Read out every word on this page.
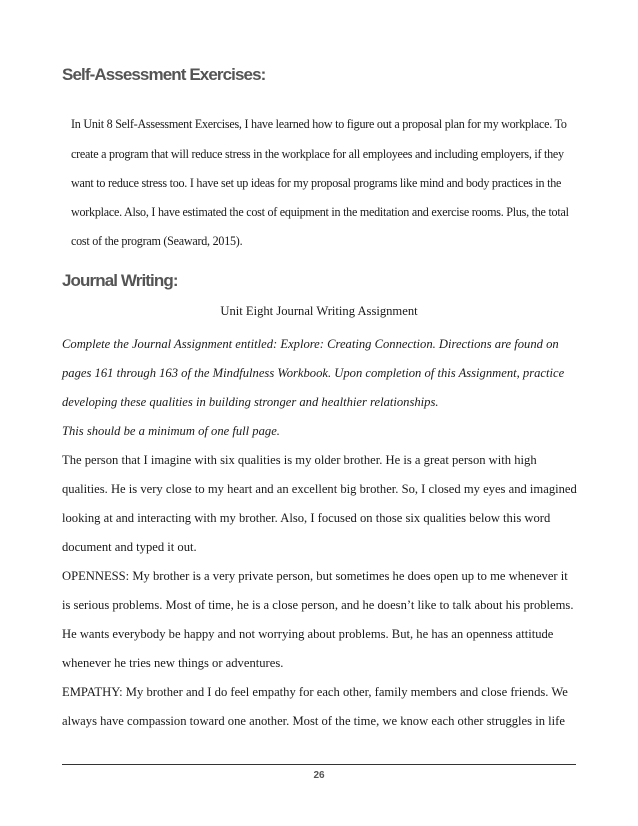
Self-Assessment Exercises:

In Unit 8 Self-Assessment Exercises, I have learned how to figure out a proposal plan for my workplace. To

create a program that will reduce stress in the workplace for all employees and including employers, if they

want to reduce stress too. I have set up ideas for my proposal programs like mind and body practices in the

workplace. Also, I have estimated the cost of equipment in the meditation and exercise rooms. Plus, the total

cost of the program (Seaward, 2015).

Journal Writing:

Unit Eight Journal Writing Assignment

Complete the Journal Assignment entitled: Explore: Creating Connection. Directions are found on

pages 161 through 163 of the Mindfulness Workbook. Upon completion of this Assignment, practice

developing these qualities in building stronger and healthier relationships.

This should be a minimum of one full page.

The person that I imagine with six qualities is my older brother. He is a great person with high

qualities. He is very close to my heart and an excellent big brother. So, I closed my eyes and imagined

looking at and interacting with my brother. Also, I focused on those six qualities below this word

document and typed it out.

OPENNESS: My brother is a very private person, but sometimes he does open up to me whenever it

is serious problems. Most of time, he is a close person, and he doesn’t like to talk about his problems.

He wants everybody be happy and not worrying about problems. But, he has an openness attitude

whenever he tries new things or adventures.

EMPATHY: My brother and I do feel empathy for each other, family members and close friends. We

always have compassion toward one another. Most of the time, we know each other struggles in life

26
